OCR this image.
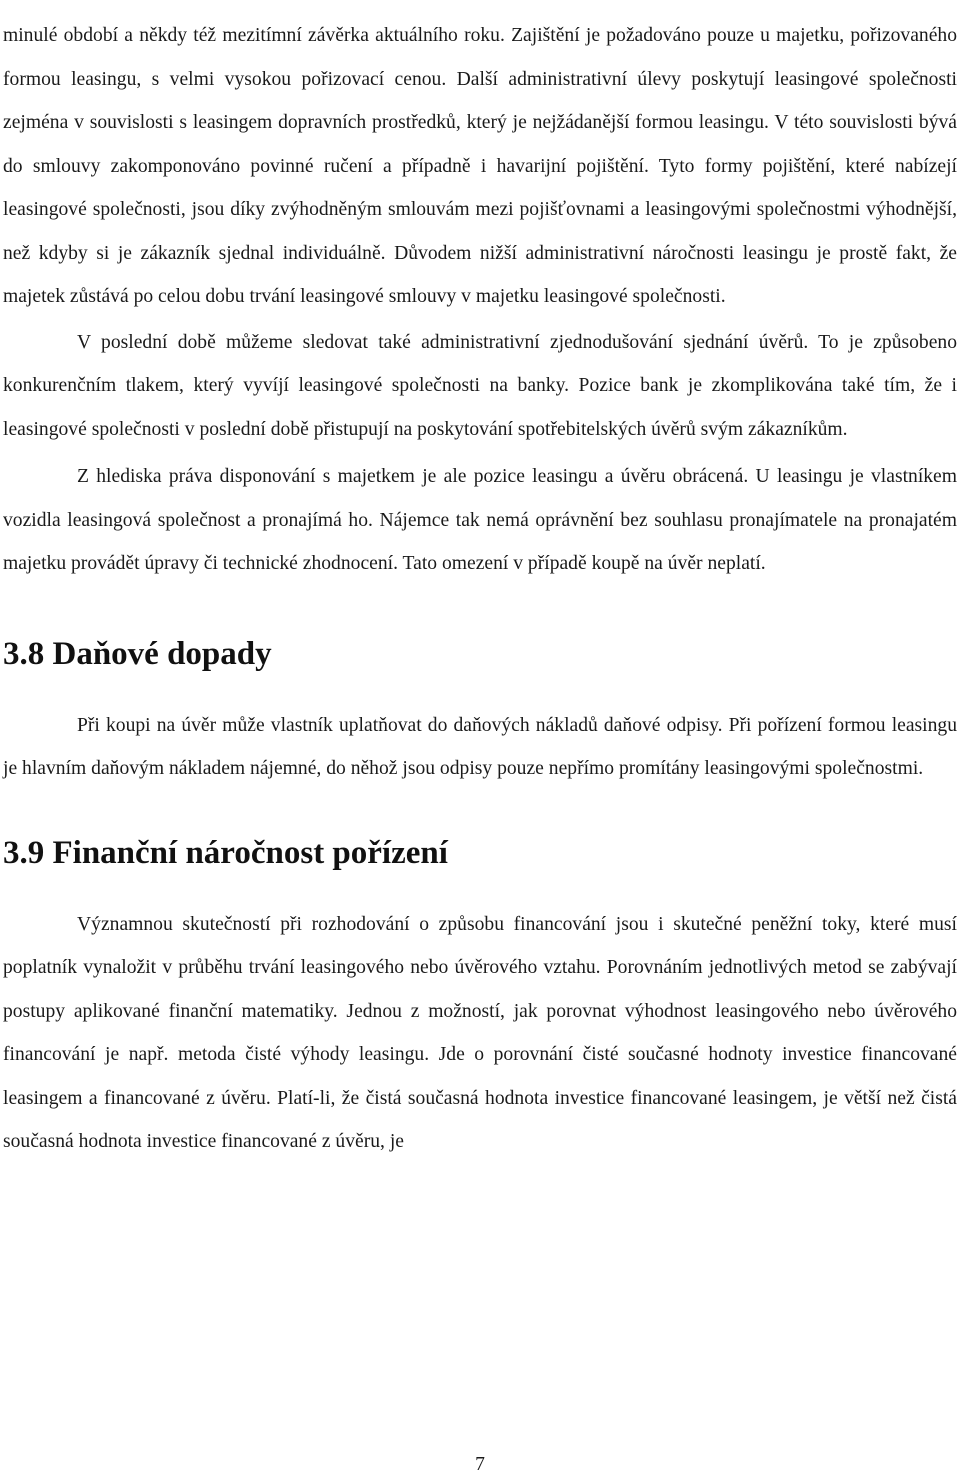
minulé období a někdy též mezitímní závěrka aktuálního roku. Zajištění je požadováno pouze u majetku, pořizovaného formou leasingu, s velmi vysokou pořizovací cenou. Další administrativní úlevy poskytují leasingové společnosti zejména v souvislosti s leasingem dopravních prostředků, který je nejžádanější formou leasingu. V této souvislosti bývá do smlouvy zakomponováno povinné ručení a případně i havarijní pojištění. Tyto formy pojištění, které nabízejí leasingové společnosti, jsou díky zvýhodněným smlouvám mezi pojišťovnami a leasingovými společnostmi výhodnější, než kdyby si je zákazník sjednal individuálně. Důvodem nižší administrativní náročnosti leasingu je prostě fakt, že majetek zůstává po celou dobu trvání leasingové smlouvy v majetku leasingové společnosti.

V poslední době můžeme sledovat také administrativní zjednodušování sjednání úvěrů. To je způsobeno konkurenčním tlakem, který vyvíjí leasingové společnosti na banky. Pozice bank je zkomplikována také tím, že i leasingové společnosti v poslední době přistupují na poskytování spotřebitelských úvěrů svým zákazníkům.

Z hlediska práva disponování s majetkem je ale pozice leasingu a úvěru obrácená. U leasingu je vlastníkem vozidla leasingová společnost a pronajímá ho. Nájemce tak nemá oprávnění bez souhlasu pronajímatele na pronajatém majetku provádět úpravy či technické zhodnocení. Tato omezení v případě koupě na úvěr neplatí.

3.8 Daňové dopady

Při koupi na úvěr může vlastník uplatňovat do daňových nákladů daňové odpisy. Při pořízení formou leasingu je hlavním daňovým nákladem nájemné, do něhož jsou odpisy pouze nepřímo promítány leasingovými společnostmi.

3.9 Finanční náročnost pořízení

Významnou skutečností při rozhodování o způsobu financování jsou i skutečné peněžní toky, které musí poplatník vynaložit v průběhu trvání leasingového nebo úvěrového vztahu. Porovnáním jednotlivých metod se zabývají postupy aplikované finanční matematiky. Jednou z možností, jak porovnat výhodnost leasingového nebo úvěrového financování je např. metoda čisté výhody leasingu. Jde o porovnání čisté současné hodnoty investice financované leasingem a financované z úvěru. Platí-li, že čistá současná hodnota investice financované leasingem, je větší než čistá současná hodnota investice financované z úvěru, je

7
